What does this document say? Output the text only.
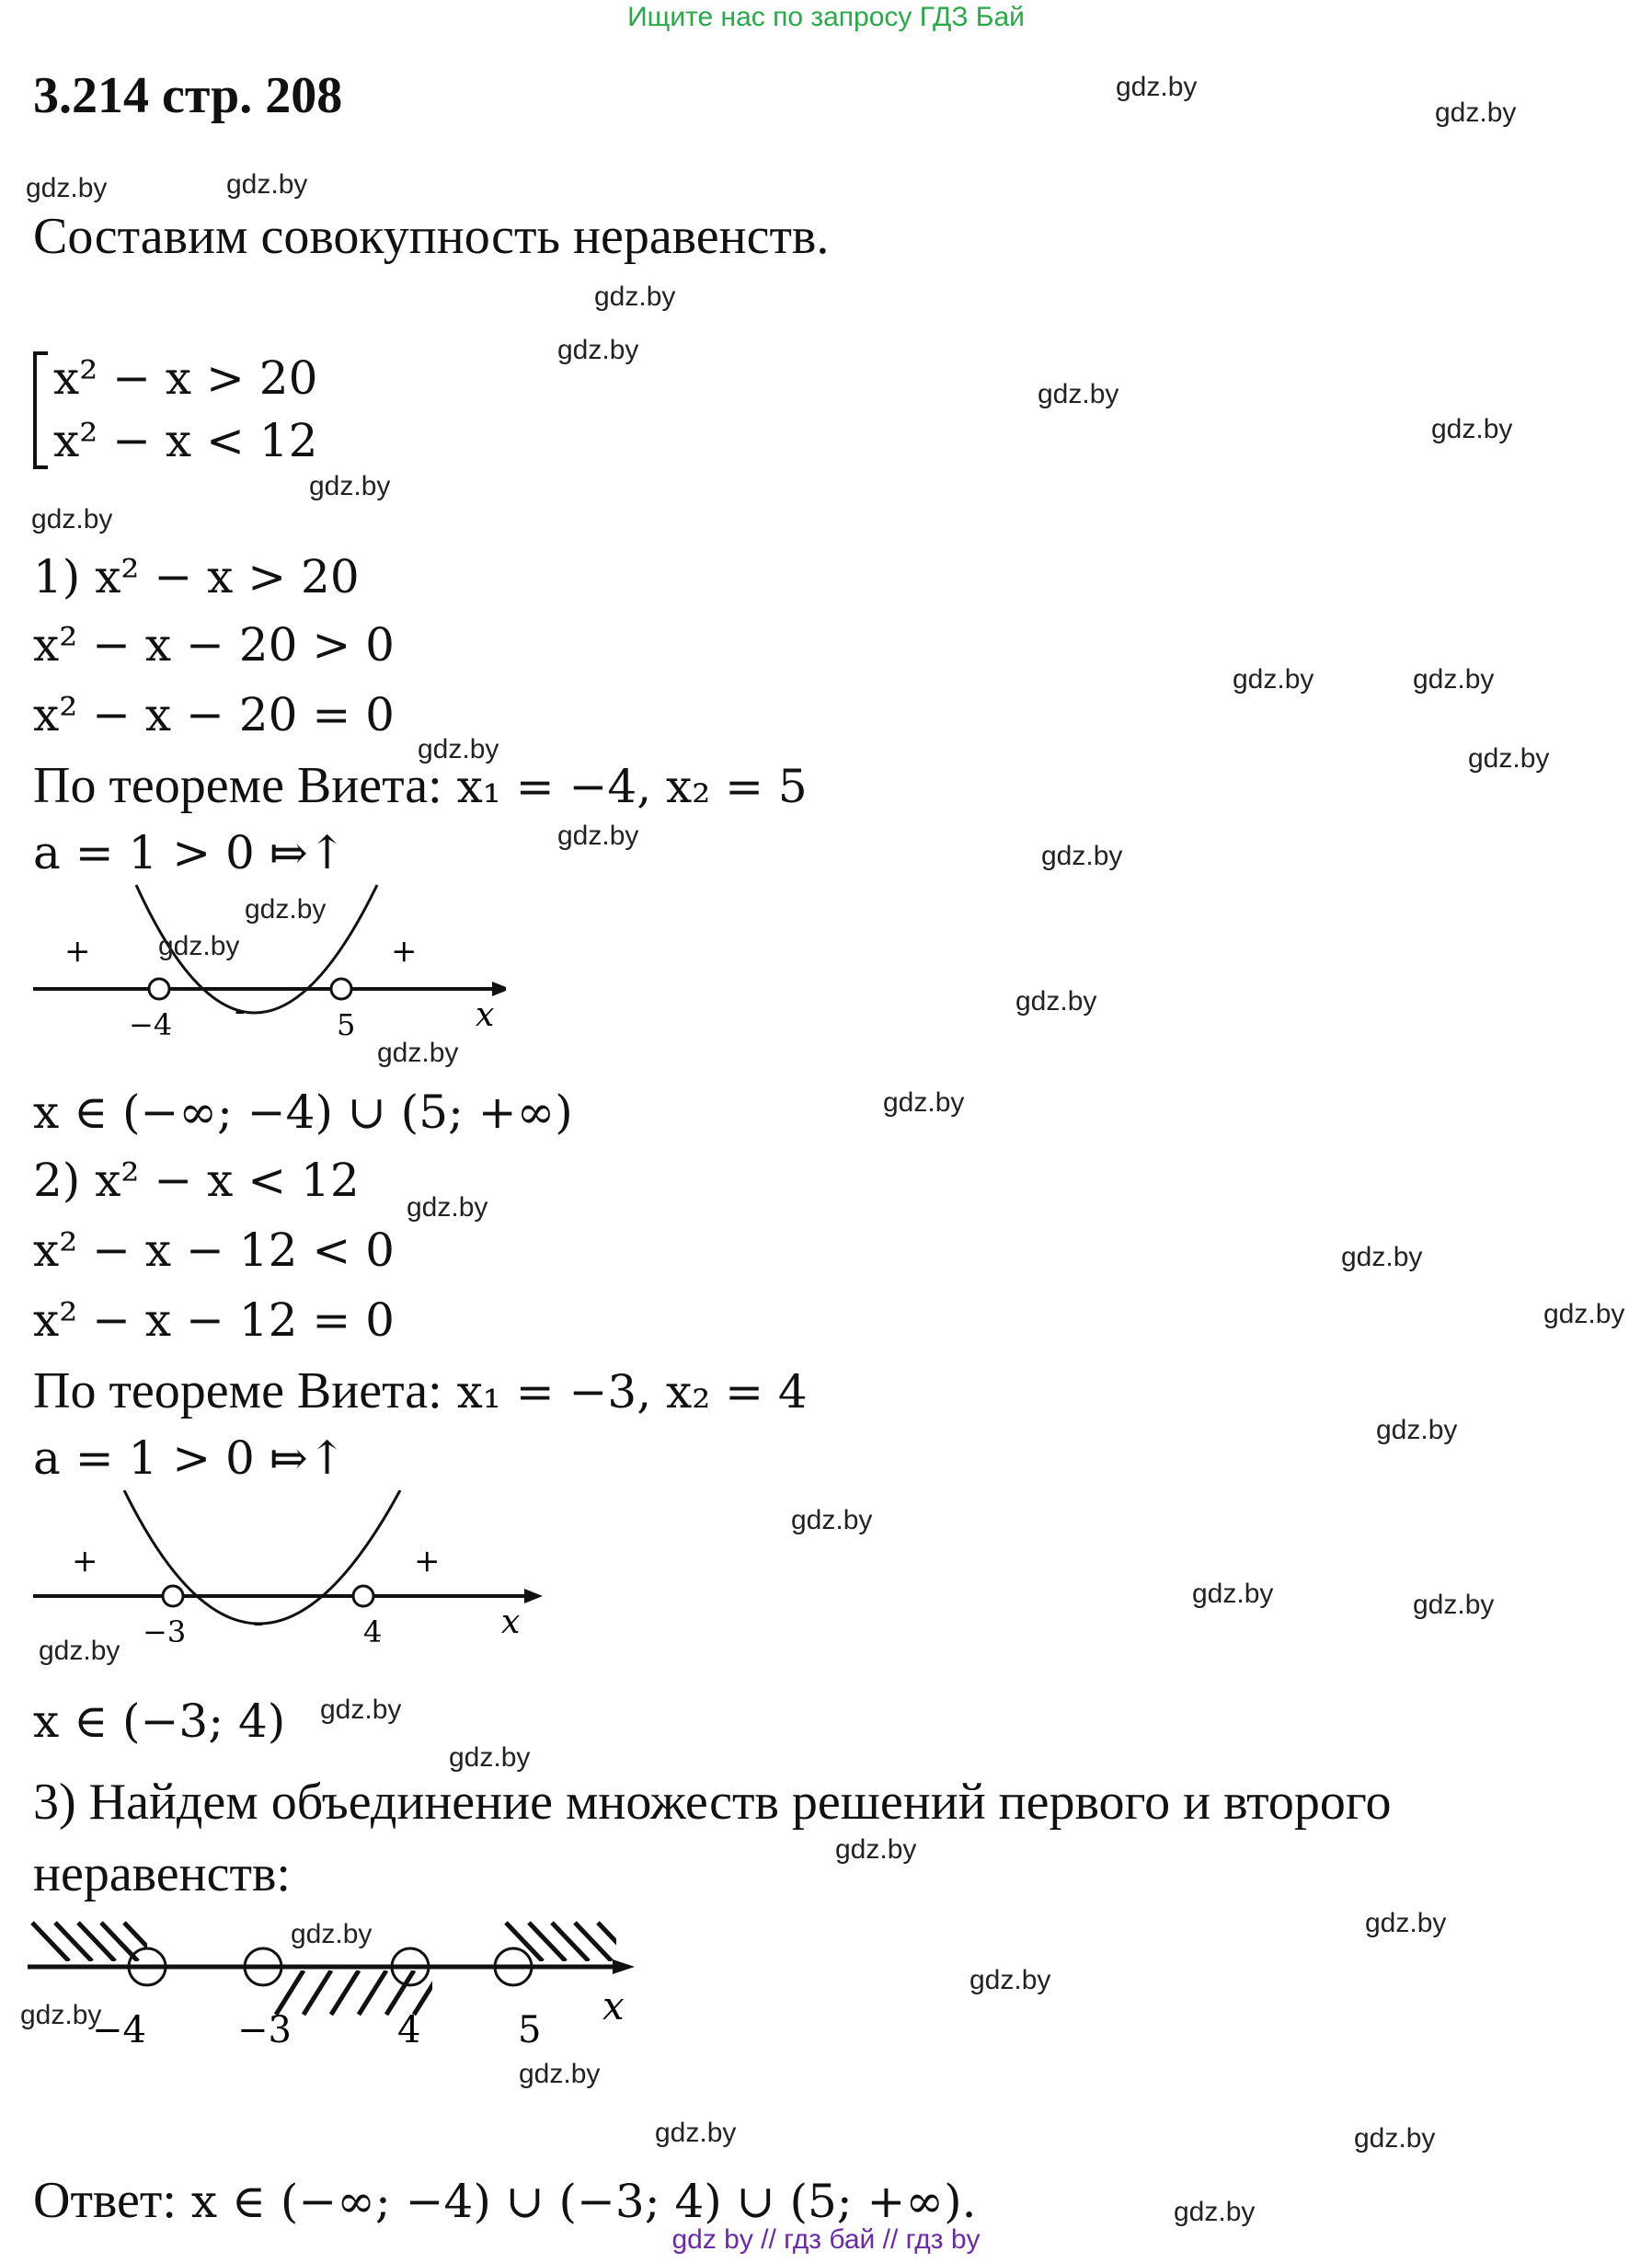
Ищите нас по запросу ГДЗ Бай
3.214 стр. 208
Составим совокупность неравенств.
x² − x > 20
x² − x < 12
1) x² − x > 20
x² − x − 20 > 0
x² − x − 20 = 0
По теореме Виета: x₁ = −4, x₂ = 5
a = 1 > 0 ⤇↑
+
-
+
−4	5	x
x ∈ (−∞; −4) ∪ (5; +∞)
2) x² − x < 12
x² − x − 12 < 0
x² − x − 12 = 0
По теореме Виета: x₁ = −3, x₂ = 4
a = 1 > 0 ⤇↑
+
-
+
−3	4	x
x ∈ (−3; 4)
3) Найдем объединение множеств решений первого и второго неравенств:
−4 −3	4	5
x
Ответ: x ∈ (−∞; −4) ∪ (−3; 4) ∪ (5; +∞).
gdz.by
gdz.by
gdz.by	gdz.by
gdz.by
gdz.by
gdz.by
gdz.by
gdz.by
gdz.by
gdz.by	gdz.by
gdz.by	gdz.by
gdz.by
gdz.by
gdz.by
gdz.by
gdz.by
gdz.by
gdz.by
gdz.by
gdz.by
gdz.by
gdz.by
gdz.by
gdz.by	gdz.by
gdz.by
gdz.by
gdz.by
gdz.by
gdz.by
gdz.by
gdz.by
gdz.by
gdz.by
gdz.by	gdz.by
gdz.by
gdz by // гдз бай // гдз by
